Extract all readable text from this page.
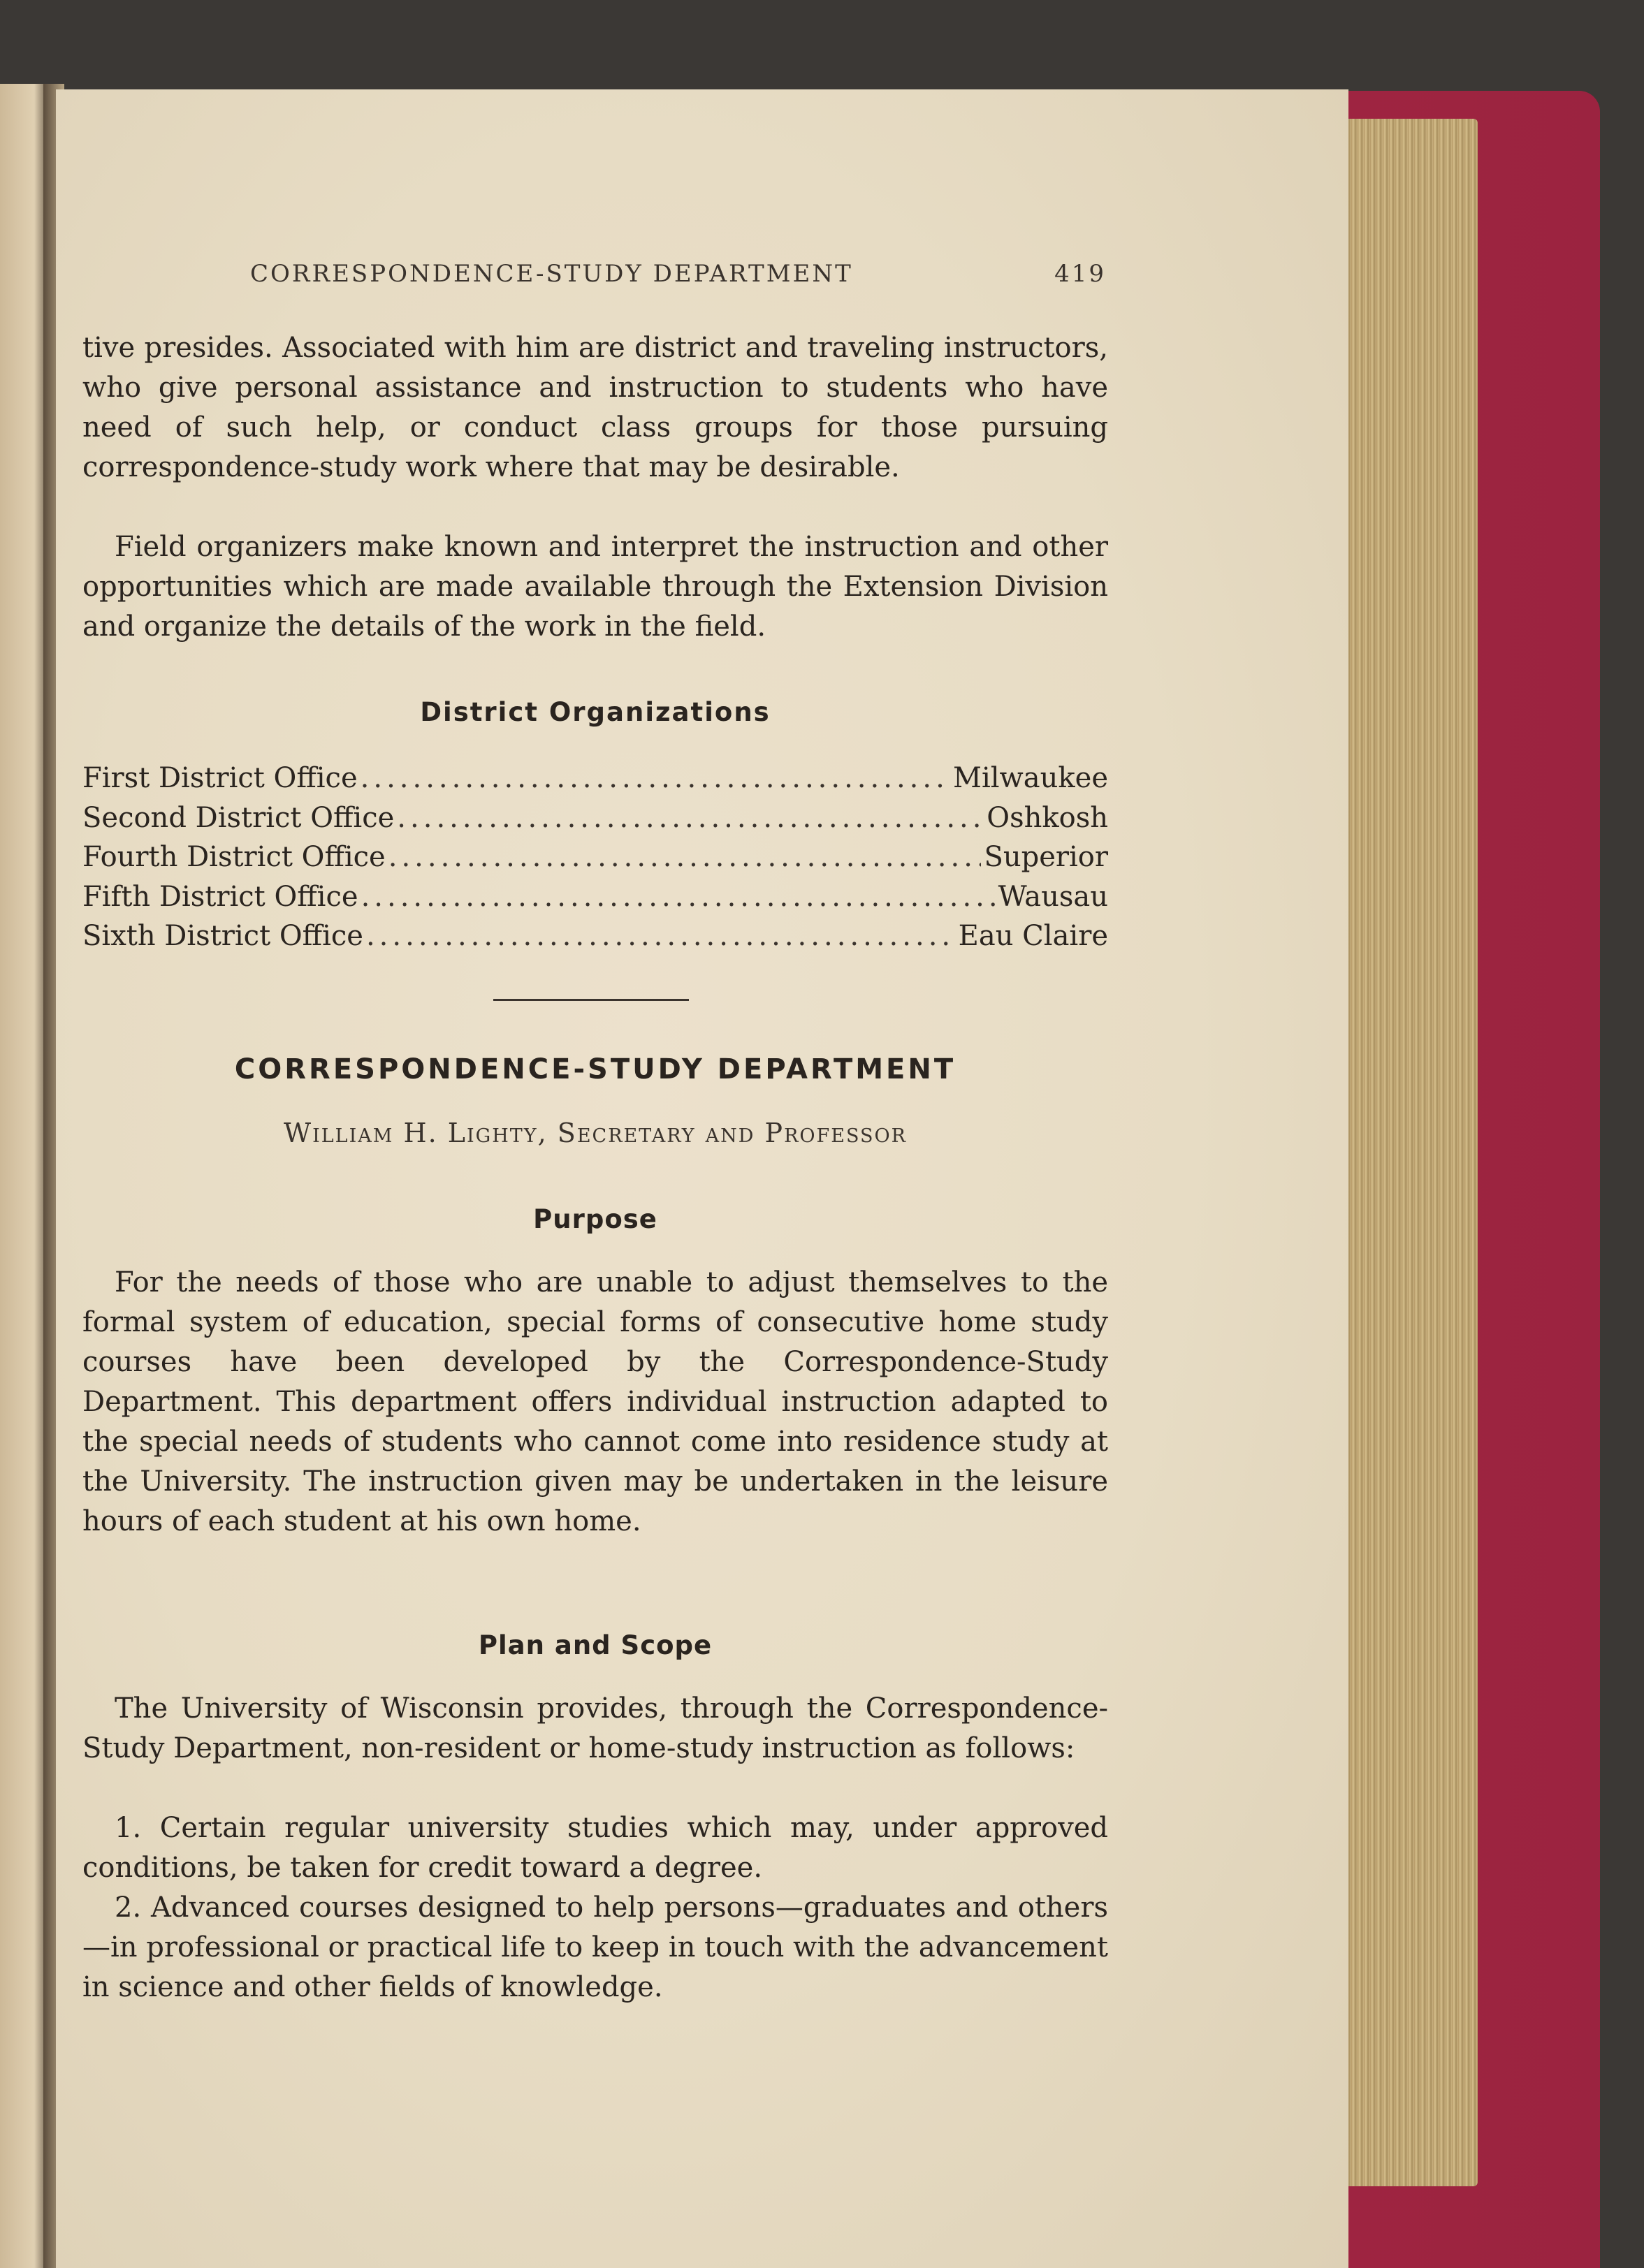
CORRESPONDENCE-STUDY DEPARTMENT	419
tive presides. Associated with him are district and traveling instructors, who give personal assistance and instruction to students who have need of such help, or conduct class groups for those pursuing correspondence-study work where that may be desirable.
Field organizers make known and interpret the instruction and other opportunities which are made available through the Extension Division and organize the details of the work in the field.
District Organizations
First District Office .....	Milwaukee
Second District Office .....	Oshkosh
Fourth District Office .....	Superior
Fifth District Office .....	Wausau
Sixth District Office .....	Eau Claire
CORRESPONDENCE-STUDY DEPARTMENT
William H. Lighty, Secretary and Professor
Purpose
For the needs of those who are unable to adjust themselves to the formal system of education, special forms of consecutive home study courses have been developed by the Correspondence-Study Department. This department offers individual instruction adapted to the special needs of students who cannot come into residence study at the University. The instruction given may be undertaken in the leisure hours of each student at his own home.
Plan and Scope
The University of Wisconsin provides, through the Correspondence-Study Department, non-resident or home-study instruction as follows:
1. Certain regular university studies which may, under approved conditions, be taken for credit toward a degree.
2. Advanced courses designed to help persons—graduates and others—in professional or practical life to keep in touch with the advancement in science and other fields of knowledge.
